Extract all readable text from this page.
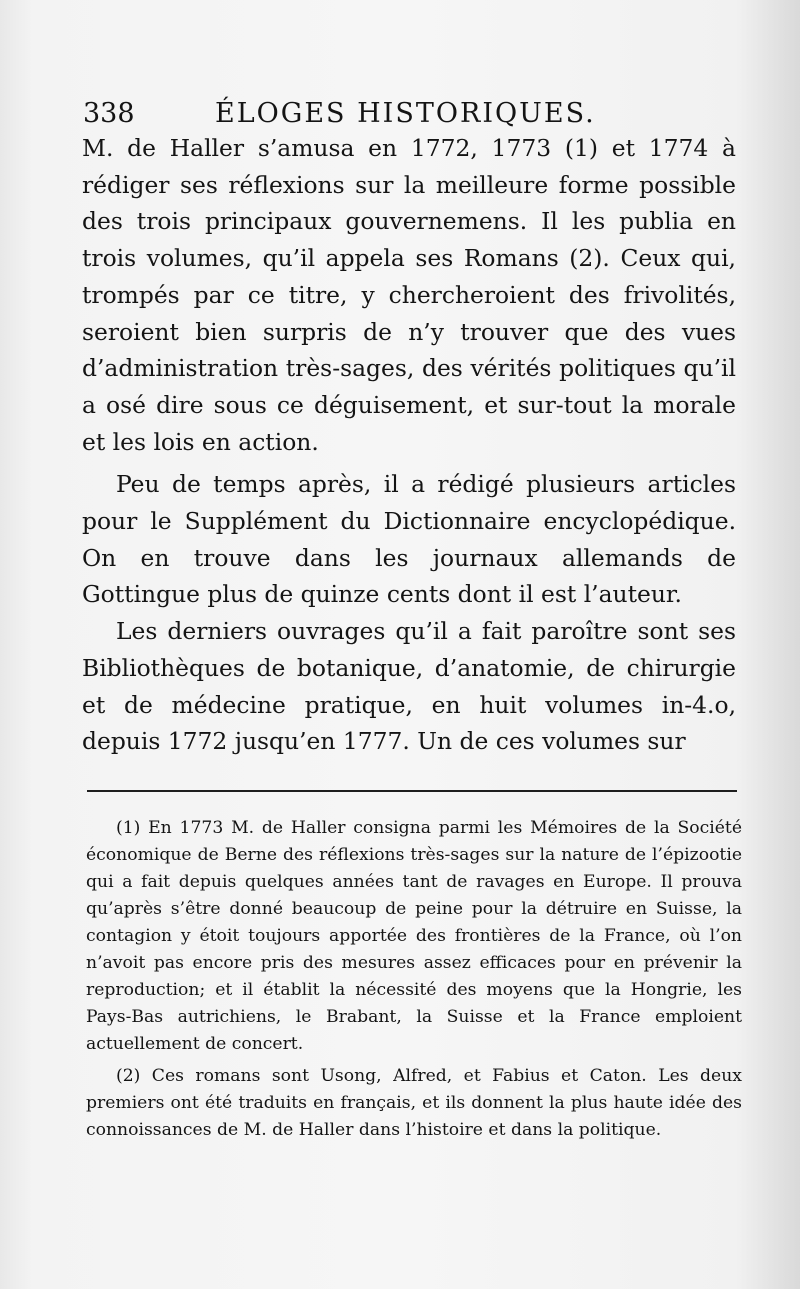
338	ÉLOGES HISTORIQUES.

M. de Haller s’amusa en 1772, 1773 (1) et 1774 à rédiger ses réflexions sur la meilleure forme possible des trois principaux gouvernemens. Il les publia en trois volumes, qu’il appela ses Romans (2). Ceux qui, trompés par ce titre, y chercheroient des frivolités, seroient bien surpris de n’y trouver que des vues d’administration très-sages, des vérités politiques qu’il a osé dire sous ce déguisement, et sur-tout la morale et les lois en action.

Peu de temps après, il a rédigé plusieurs articles pour le Supplément du Dictionnaire encyclopédique. On en trouve dans les journaux allemands de Gottingue plus de quinze cents dont il est l’auteur.

Les derniers ouvrages qu’il a fait paroître sont ses Bibliothèques de botanique, d’anatomie, de chirurgie et de médecine pratique, en huit volumes in-4.o, depuis 1772 jusqu’en 1777. Un de ces volumes sur

(1) En 1773 M. de Haller consigna parmi les Mémoires de la Société économique de Berne des réflexions très-sages sur la nature de l’épizootie qui a fait depuis quelques années tant de ravages en Europe. Il prouva qu’après s’être donné beaucoup de peine pour la détruire en Suisse, la contagion y étoit toujours apportée des frontières de la France, où l’on n’avoit pas encore pris des mesures assez efficaces pour en prévenir la reproduction; et il établit la nécessité des moyens que la Hongrie, les Pays-Bas autrichiens, le Brabant, la Suisse et la France emploient actuellement de concert.

(2) Ces romans sont Usong, Alfred, et Fabius et Caton. Les deux premiers ont été traduits en français, et ils donnent la plus haute idée des connoissances de M. de Haller dans l’histoire et dans la politique.
